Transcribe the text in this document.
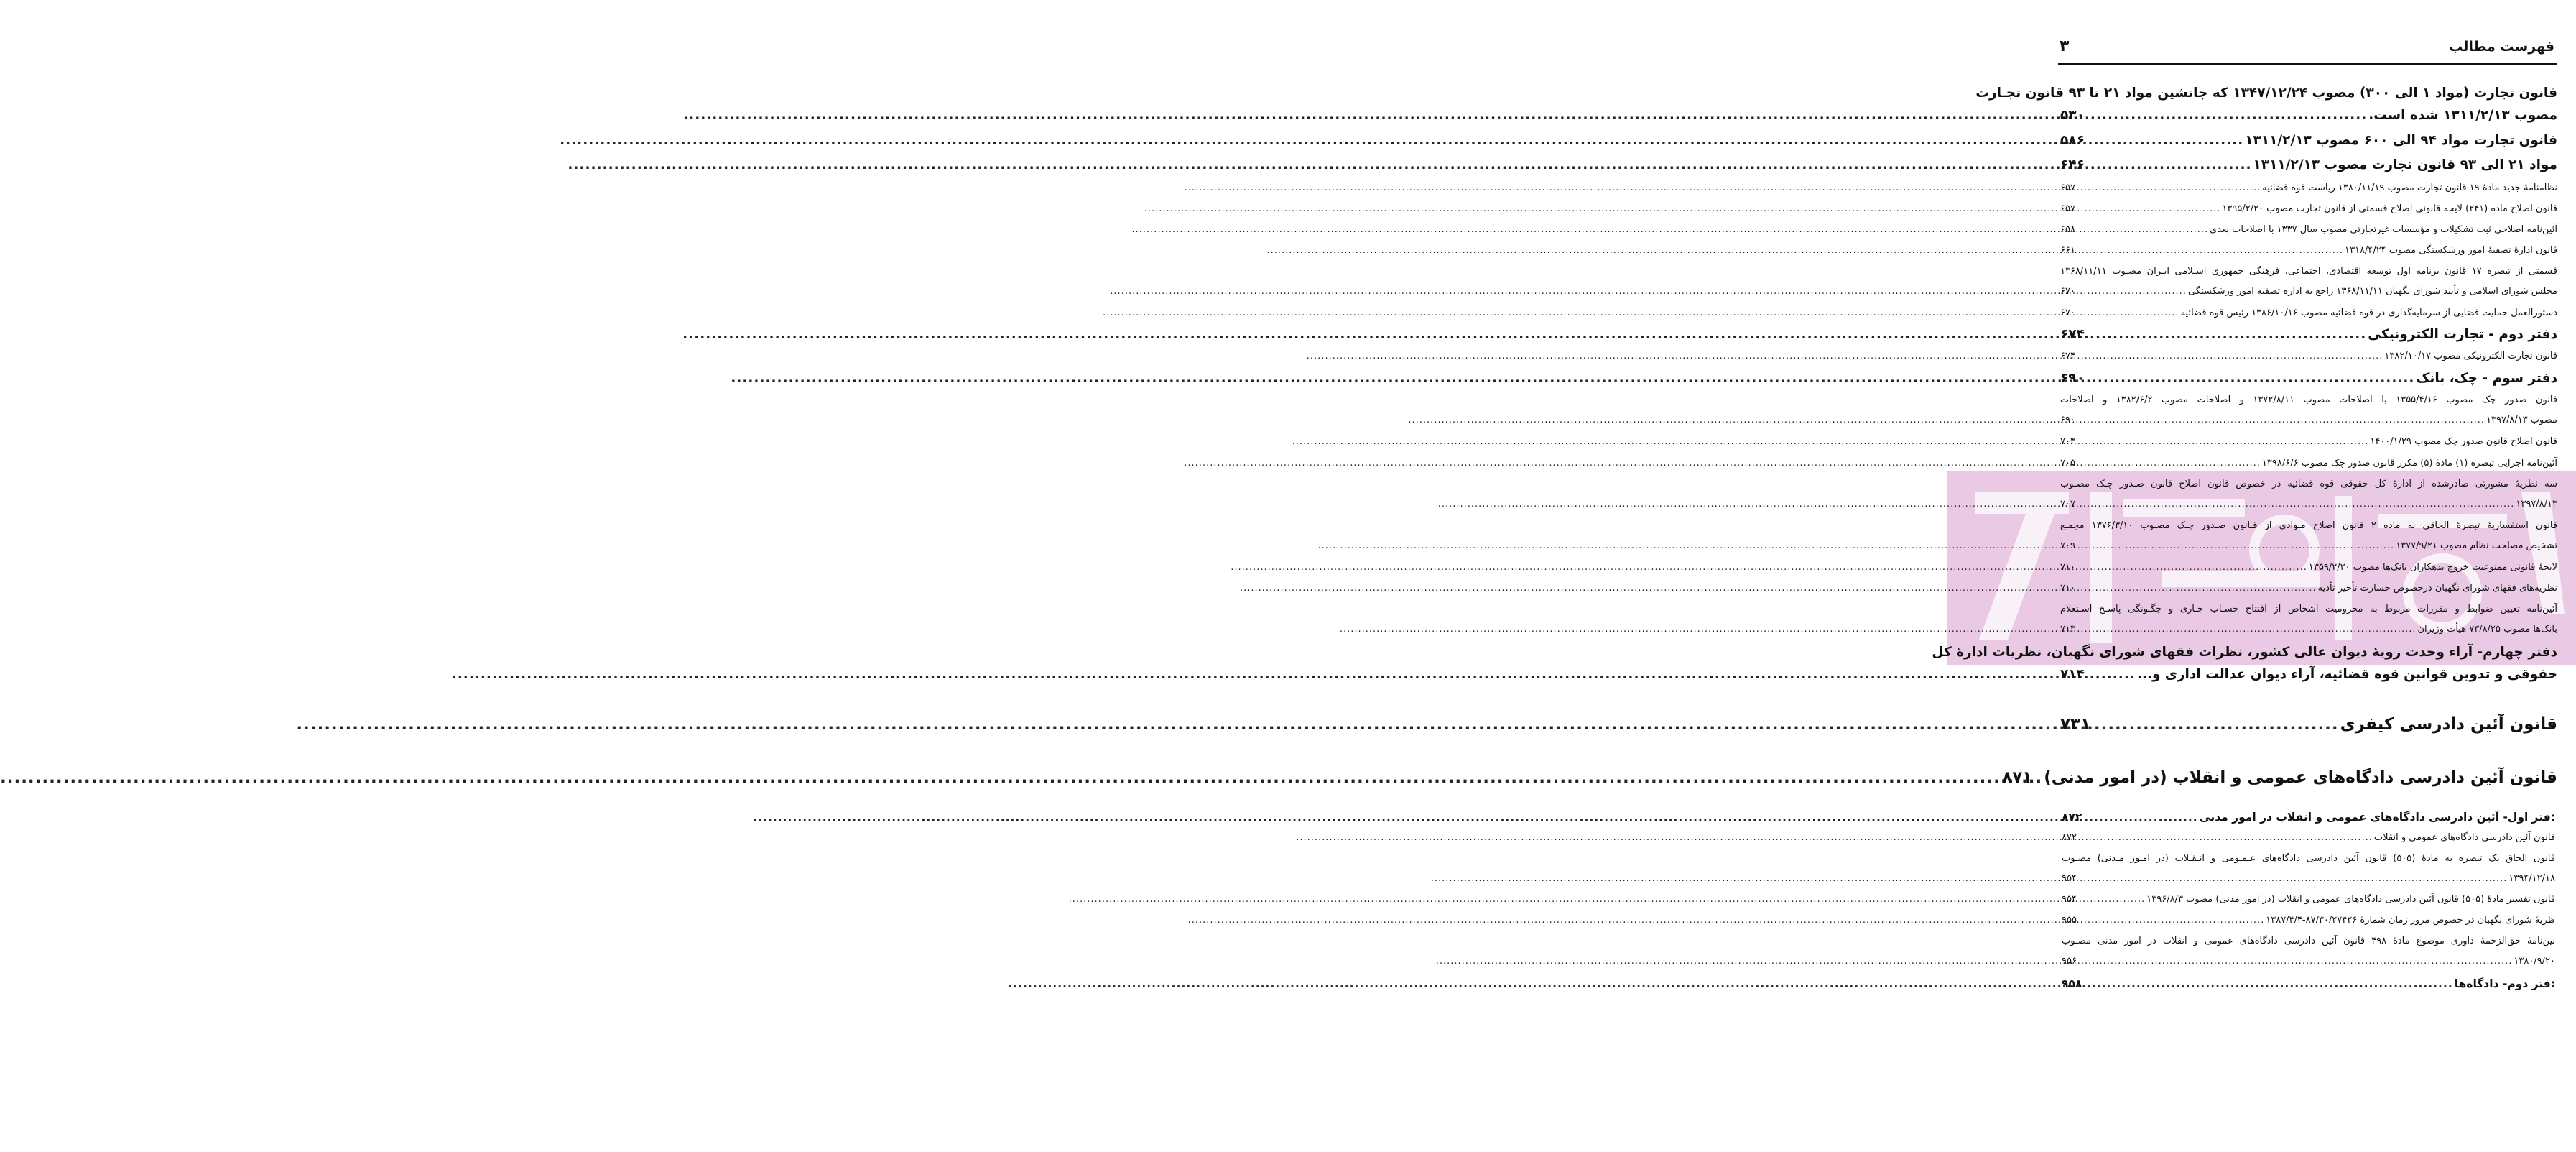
فهرست مطالب
۳
قانون تجارت (مواد ۱ الی ۳۰۰) مصوب ۱۳۴۷/۱۲/۲۴ که جانشین مواد ۲۱ تا ۹۳ قانون تجـارت
مصوب ۱۳۱۱/۲/۱۳ شده است.
.....
۵۳۰
قانون تجارت مواد ۹۴ الی ۶۰۰ مصوب ۱۳۱۱/۲/۱۳
.....
۵۸۶
مواد ۲۱ الی ۹۳ قانون تجارت مصوب ۱۳۱۱/۲/۱۳
.....
۶۴۶
نظامنامهٔ جدید مادهٔ ۱۹ قانون تجارت مصوب ۱۳۸۰/۱۱/۱۹ ریاست قوه قضائیه
.....
۶۵۷
قانون اصلاح ماده (۲۴۱) لایحه قانونی اصلاح قسمتی از قانون تجارت مصوب ۱۳۹۵/۲/۲۰
.....
۶۵۷
آئین‌نامه اصلاحی ثبت تشکیلات و مؤسسات غیرتجارتی مصوب سال ۱۳۳۷ با اصلاحات بعدی
.....
۶۵۸
قانون ادارهٔ تصفیهٔ امور ورشکستگی مصوب ۱۳۱۸/۴/۲۴
.....
۶۶۱
قسمتی از تبصره ۱۷ قانون برنامه اول توسعه اقتصادی، اجتماعی، فرهنگی جمهوری اسـلامی ایـران مصـوب ۱۳۶۸/۱۱/۱۱
مجلس شورای اسلامی و تأیید شورای نگهبان ۱۳۶۸/۱۱/۱۱ راجع به اداره تصفیه امور ورشکستگی
.....
۶۷۰
دستورالعمل حمایت قضایی از سرمایه‌گذاری در قوه قضائیه مصوب ۱۳۸۶/۱۰/۱۶ رئیس قوه قضائیه
.....
۶۷۰
دفتر دوم - تجارت الکترونیکی
.....
۶۷۴
قانون تجارت الکترونیکی مصوب ۱۳۸۲/۱۰/۱۷
.....
۶۷۴
دفتر سوم - چک، بانک
.....
۶۹۰
قانون صدور چک مصوب ۱۳۵۵/۴/۱۶ با اصلاحات مصوب ۱۳۷۲/۸/۱۱ و اصلاحات مصوب ۱۳۸۲/۶/۲ و اصلاحات
مصوب ۱۳۹۷/۸/۱۳
.....
۶۹۰
قانون اصلاح قانون صدور چک مصوب ۱۴۰۰/۱/۲۹
.....
۷۰۳
آئین‌نامه اجرایی تبصره (۱) مادهٔ (۵) مکرر قانون صدور چک مصوب ۱۳۹۸/۶/۶
.....
۷۰۵
سه نظریهٔ مشورتی صادرشده از ادارهٔ کل حقوقی قوه قضائیه در خصوص قانون اصلاح قانون صـدور چـک مصـوب
۱۳۹۷/۸/۱۳
.....
۷۰۷
قانون استفساریهٔ تبصرهٔ الحاقی به ماده ۲ قانون اصلاح مـوادی از قـانون صـدور چـک مصـوب ۱۳۷۶/۳/۱۰ مجمـع
تشخیص مصلحت نظام مصوب ۱۳۷۷/۹/۲۱
.....
۷۰۹
لایحهٔ قانونی ممنوعیت خروج بدهکاران بانک‌ها مصوب ۱۳۵۹/۲/۲۰
.....
۷۱۰
نظریه‌های فقهای شورای نگهبان درخصوص خسارت تأخیر تأدیه
.....
۷۱۰
آئین‌نامه تعیین ضوابط و مقررات مربوط به محرومیت اشخاص از افتتاح حسـاب جـاری و چگـونگی پاسـخ اسـتعلام
بانک‌ها مصوب ۷۳/۸/۲۵ هیأت وزیران
.....
۷۱۳
دفتر چهارم- آراء وحدت رویهٔ دیوان عالی کشور، نظرات فقهای شورای نگهبان، نظریات ادارهٔ کل
حقوقی و تدوین قوانین قوه قضائیه، آراء دیوان عدالت اداری و...
.....
۷۱۴
قانون آئین دادرسی کیفری
.....
۷۳۱
قانون آئین دادرسی دادگاه‌های عمومی و انقلاب (در امور مدنی)
.....
۸۷۱
:فتر اول- آئین دادرسی دادگاه‌های عمومی و انقلاب در امور مدنی
.....
۸۷۲
قانون آئین دادرسی دادگاه‌های عمومی و انقلاب
.....
۸۷۲
قانون الحاق یک تبصره به مادهٔ (۵۰۵) قانون آئین دادرسی دادگاه‌های عـمـومی و انـقـلاب (در امـور مـدنی) مصـوب
۱۳۹۴/۱۲/۱۸
.....
۹۵۴
قانون تفسیر مادهٔ (۵۰۵) قانون آئین دادرسی دادگاه‌های عمومی و انقلاب (در امور مدنی) مصوب ۱۳۹۶/۸/۳
.....
۹۵۴
ظریهٔ شورای نگهبان در خصوص مرور زمان شمارهٔ ۸۷/۳۰/۲۷۴۲۶-۱۳۸۷/۴/۴
.....
۹۵۵
نین‌نامهٔ حق‌الزحمهٔ داوری موضوع مادهٔ ۴۹۸ قانون آئین دادرسی دادگاه‌های عمومی و انقلاب در امور مدنی مصـوب
۱۳۸۰/۹/۲۰
.....
۹۵۶
:فتر دوم- دادگاه‌ها
.....
۹۵۸
